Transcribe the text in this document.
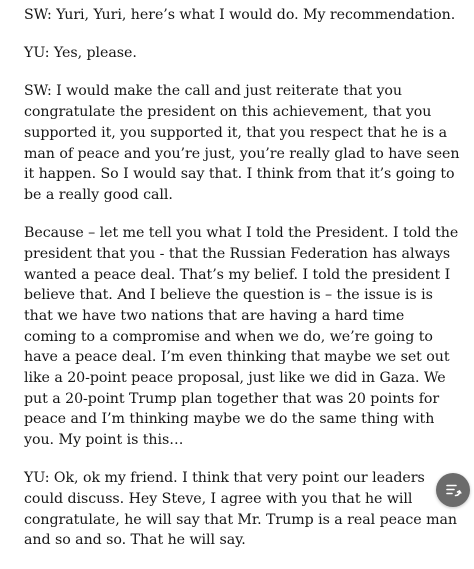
SW: Yuri, Yuri, here’s what I would do. My recommendation.

YU: Yes, please.

SW: I would make the call and just reiterate that you congratulate the president on this achievement, that you supported it, you supported it, that you respect that he is a man of peace and you’re just, you’re really glad to have seen it happen. So I would say that. I think from that it’s going to be a really good call.

Because – let me tell you what I told the President. I told the president that you - that the Russian Federation has always wanted a peace deal. That’s my belief. I told the president I believe that. And I believe the question is – the issue is is that we have two nations that are having a hard time coming to a compromise and when we do, we’re going to have a peace deal. I’m even thinking that maybe we set out like a 20-point peace proposal, just like we did in Gaza. We put a 20-point Trump plan together that was 20 points for peace and I’m thinking maybe we do the same thing with you. My point is this…

YU: Ok, ok my friend. I think that very point our leaders could discuss. Hey Steve, I agree with you that he will congratulate, he will say that Mr. Trump is a real peace man and so and so. That he will say.
